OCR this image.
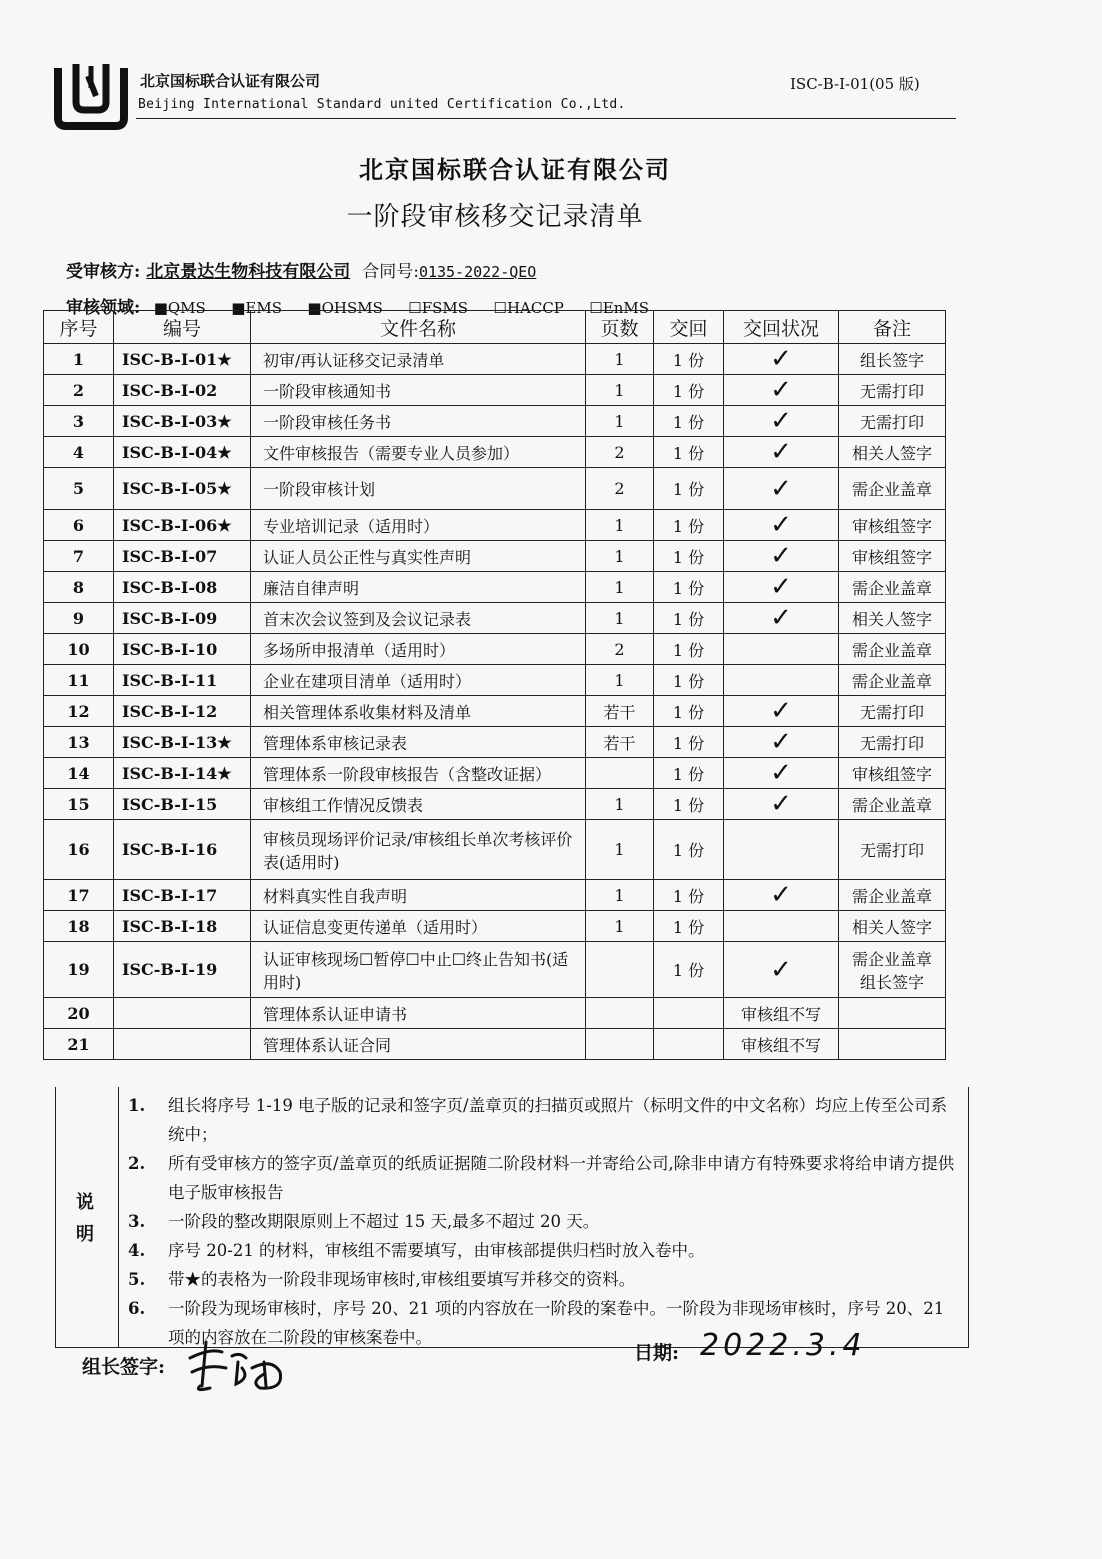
北京国标联合认证有限公司
Beijing International Standard united Certification Co.,Ltd.
ISC-B-I-01(05 版)
北京国标联合认证有限公司
一阶段审核移交记录清单
受审核方: 北京景达生物科技有限公司 合同号:0135-2022-QEO
审核领域: ■QMS ■EMS ■OHSMS ☐FSMS ☐HACCP ☐EnMS
序号	编号	文件名称	页数	交回	交回状况	备注
1	ISC-B-I-01★	初审/再认证移交记录清单	1	1 份	✓	组长签字
2	ISC-B-I-02	一阶段审核通知书	1	1 份	✓	无需打印
3	ISC-B-I-03★	一阶段审核任务书	1	1 份	✓	无需打印
4	ISC-B-I-04★	文件审核报告（需要专业人员参加）	2	1 份	✓	相关人签字
5	ISC-B-I-05★	一阶段审核计划	2	1 份	✓	需企业盖章
6	ISC-B-I-06★	专业培训记录（适用时）	1	1 份	✓	审核组签字
7	ISC-B-I-07	认证人员公正性与真实性声明	1	1 份	✓	审核组签字
8	ISC-B-I-08	廉洁自律声明	1	1 份	✓	需企业盖章
9	ISC-B-I-09	首末次会议签到及会议记录表	1	1 份	✓	相关人签字
10	ISC-B-I-10	多场所申报清单（适用时）	2	1 份		需企业盖章
11	ISC-B-I-11	企业在建项目清单（适用时）	1	1 份		需企业盖章
12	ISC-B-I-12	相关管理体系收集材料及清单	若干	1 份	✓	无需打印
13	ISC-B-I-13★	管理体系审核记录表	若干	1 份	✓	无需打印
14	ISC-B-I-14★	管理体系一阶段审核报告（含整改证据）		1 份	✓	审核组签字
15	ISC-B-I-15	审核组工作情况反馈表	1	1 份	✓	需企业盖章
16	ISC-B-I-16	审核员现场评价记录/审核组长单次考核评价表(适用时)	1	1 份		无需打印
17	ISC-B-I-17	材料真实性自我声明	1	1 份	✓	需企业盖章
18	ISC-B-I-18	认证信息变更传递单（适用时）	1	1 份		相关人签字
19	ISC-B-I-19	认证审核现场☐暂停☐中止☐终止告知书(适用时)		1 份	✓	需企业盖章 组长签字
20		管理体系认证申请书			审核组不写	
21		管理体系认证合同			审核组不写	
说明
1. 组长将序号 1-19 电子版的记录和签字页/盖章页的扫描页或照片（标明文件的中文名称）均应上传至公司系统中；
2. 所有受审核方的签字页/盖章页的纸质证据随二阶段材料一并寄给公司,除非申请方有特殊要求将给申请方提供电子版审核报告
3. 一阶段的整改期限原则上不超过 15 天,最多不超过 20 天。
4. 序号 20-21 的材料，审核组不需要填写，由审核部提供归档时放入卷中。
5. 带★的表格为一阶段非现场审核时,审核组要填写并移交的资料。
6. 一阶段为现场审核时，序号 20、21 项的内容放在一阶段的案卷中。一阶段为非现场审核时，序号 20、21 项的内容放在二阶段的审核案卷中。
组长签字:
日期: 2022.3.4
